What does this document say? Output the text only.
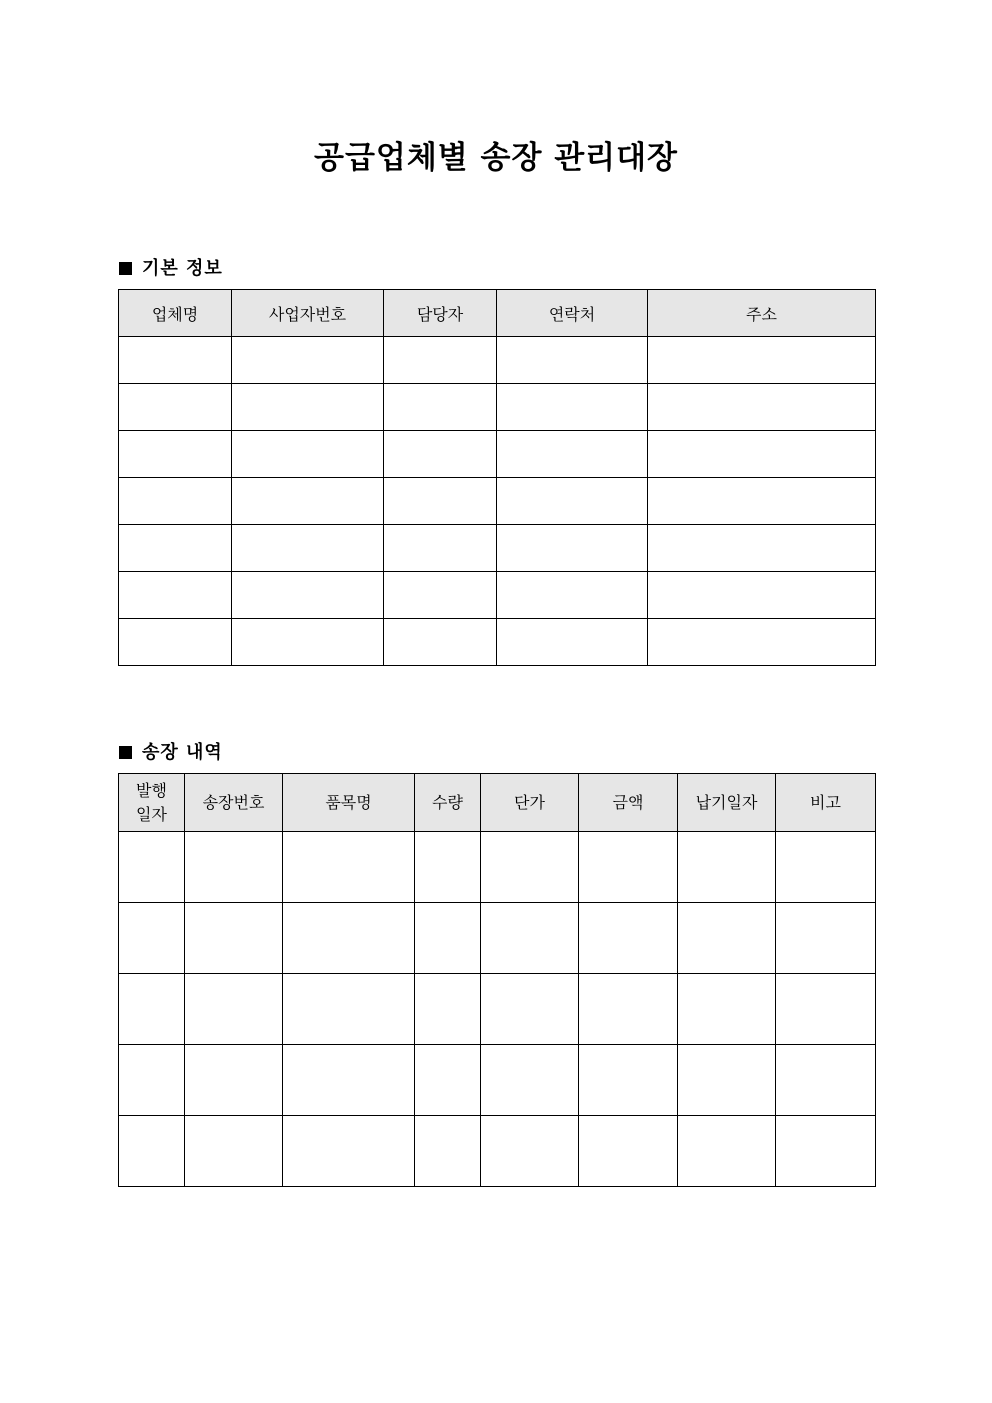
공급업체별 송장 관리대장
기본 정보
업체명	사업자번호	담당자	연락처	주소

송장 내역
발행
일자	송장번호	품목명	수량	단가	금액	납기일자	비고
